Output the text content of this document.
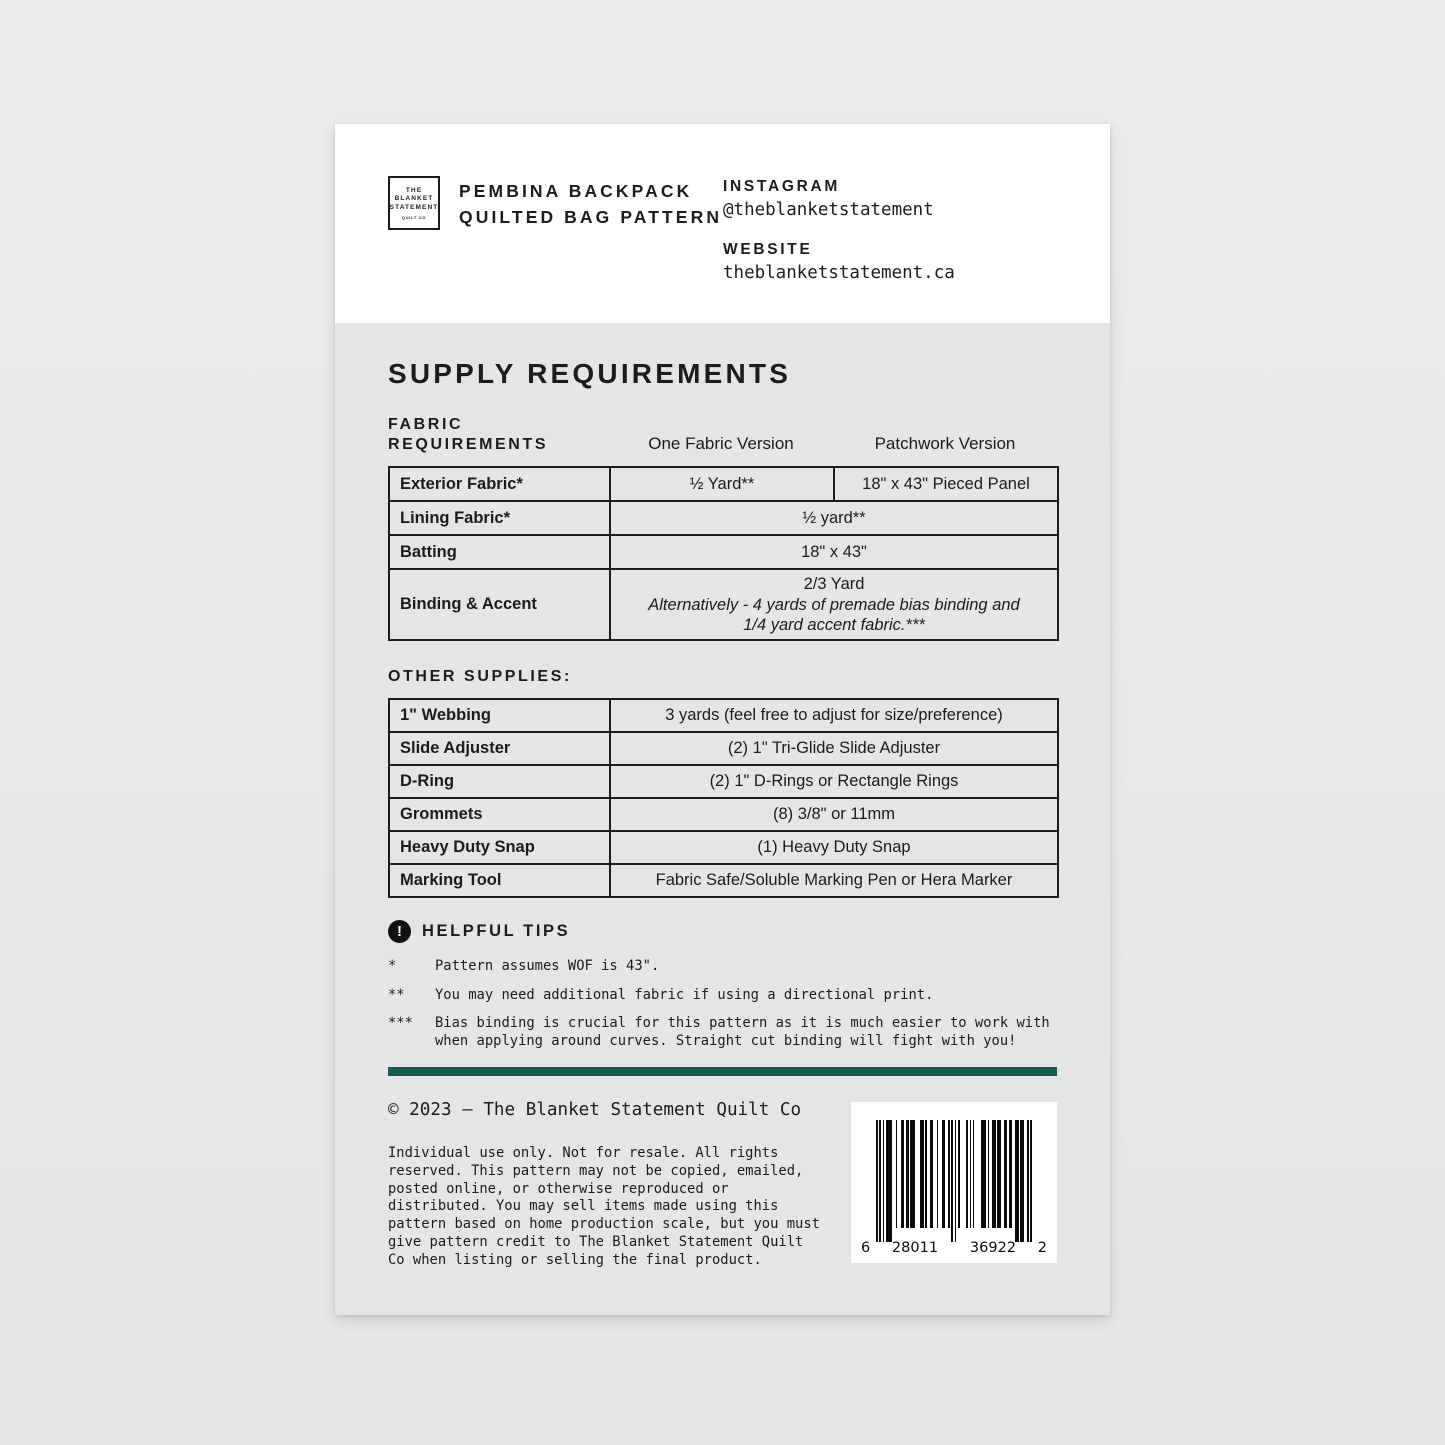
THE
BLANKET
STATEMENT
QUILT CO
PEMBINA BACKPACK
QUILTED BAG PATTERN
INSTAGRAM
@theblanketstatement
WEBSITE
theblanketstatement.ca
SUPPLY REQUIREMENTS
FABRIC
REQUIREMENTS	One Fabric Version	Patchwork Version
Exterior Fabric*	½ Yard**	18" x 43" Pieced Panel
Lining Fabric*	½ yard**	
Batting	18" x 43"	
Binding & Accent	2/3 Yard
Alternatively - 4 yards of premade bias binding and 1/4 yard accent fabric.***	
OTHER SUPPLIES:
1" Webbing	3 yards (feel free to adjust for size/preference)
Slide Adjuster	(2) 1" Tri-Glide Slide Adjuster
D-Ring	(2) 1" D-Rings or Rectangle Rings
Grommets	(8) 3/8" or 11mm
Heavy Duty Snap	(1) Heavy Duty Snap
Marking Tool	Fabric Safe/Soluble Marking Pen or Hera Marker
!	HELPFUL TIPS
*	Pattern assumes WOF is 43".
**	You may need additional fabric if using a directional print.
***	Bias binding is crucial for this pattern as it is much easier to work with when applying around curves. Straight cut binding will fight with you!

© 2023 – The Blanket Statement Quilt Co

Individual use only. Not for resale. All rights reserved. This pattern may not be copied, emailed, posted online, or otherwise reproduced or distributed. You may sell items made using this pattern based on home production scale, but you must give pattern credit to The Blanket Statement Quilt Co when listing or selling the final product.

6	28011	36922	2
